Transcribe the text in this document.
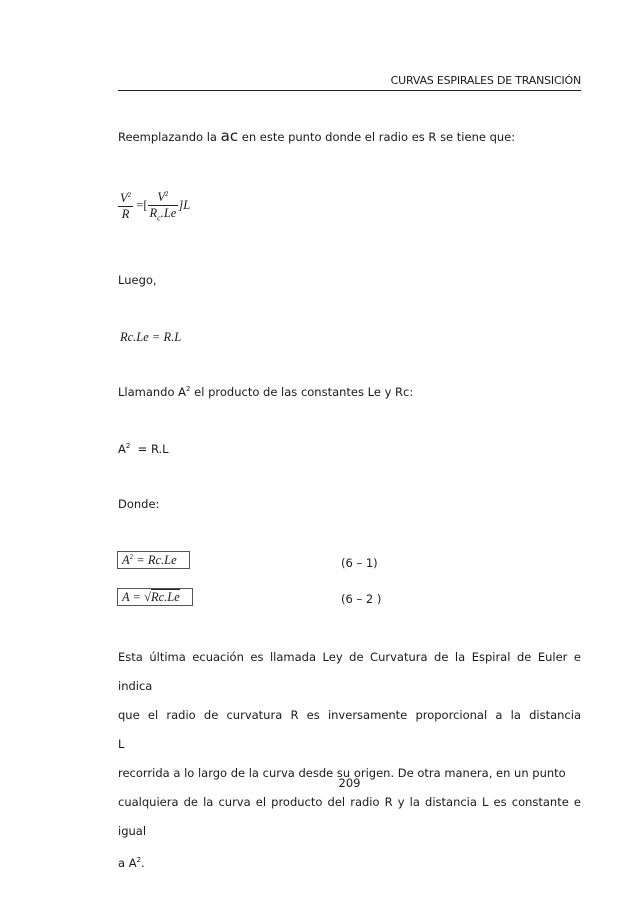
CURVAS ESPIRALES DE TRANSICIÓN
Reemplazando la ac en este punto donde el radio es R se tiene que:
$\frac{V^2}{R}$ =[ $\frac{V^2}{R_c.Le} ]L$
Luego,
Rc.Le = R.L
Llamando $A^2$ el producto de las constantes Le y Rc:
$A^2 = R.L$
Donde:
$A^2 = Rc.Le$	(6 – 1)
A = √Rc.Le	(6 – 2 )
Esta última ecuación es llamada Ley de Curvatura de la Espiral de Euler e indica
que el radio de curvatura R es inversamente proporcional a la distancia L
recorrida a lo largo de la curva desde su origen. De otra manera, en un punto
cualquiera de la curva el producto del radio R y la distancia L es constante e igual
a $A^2$.
209
